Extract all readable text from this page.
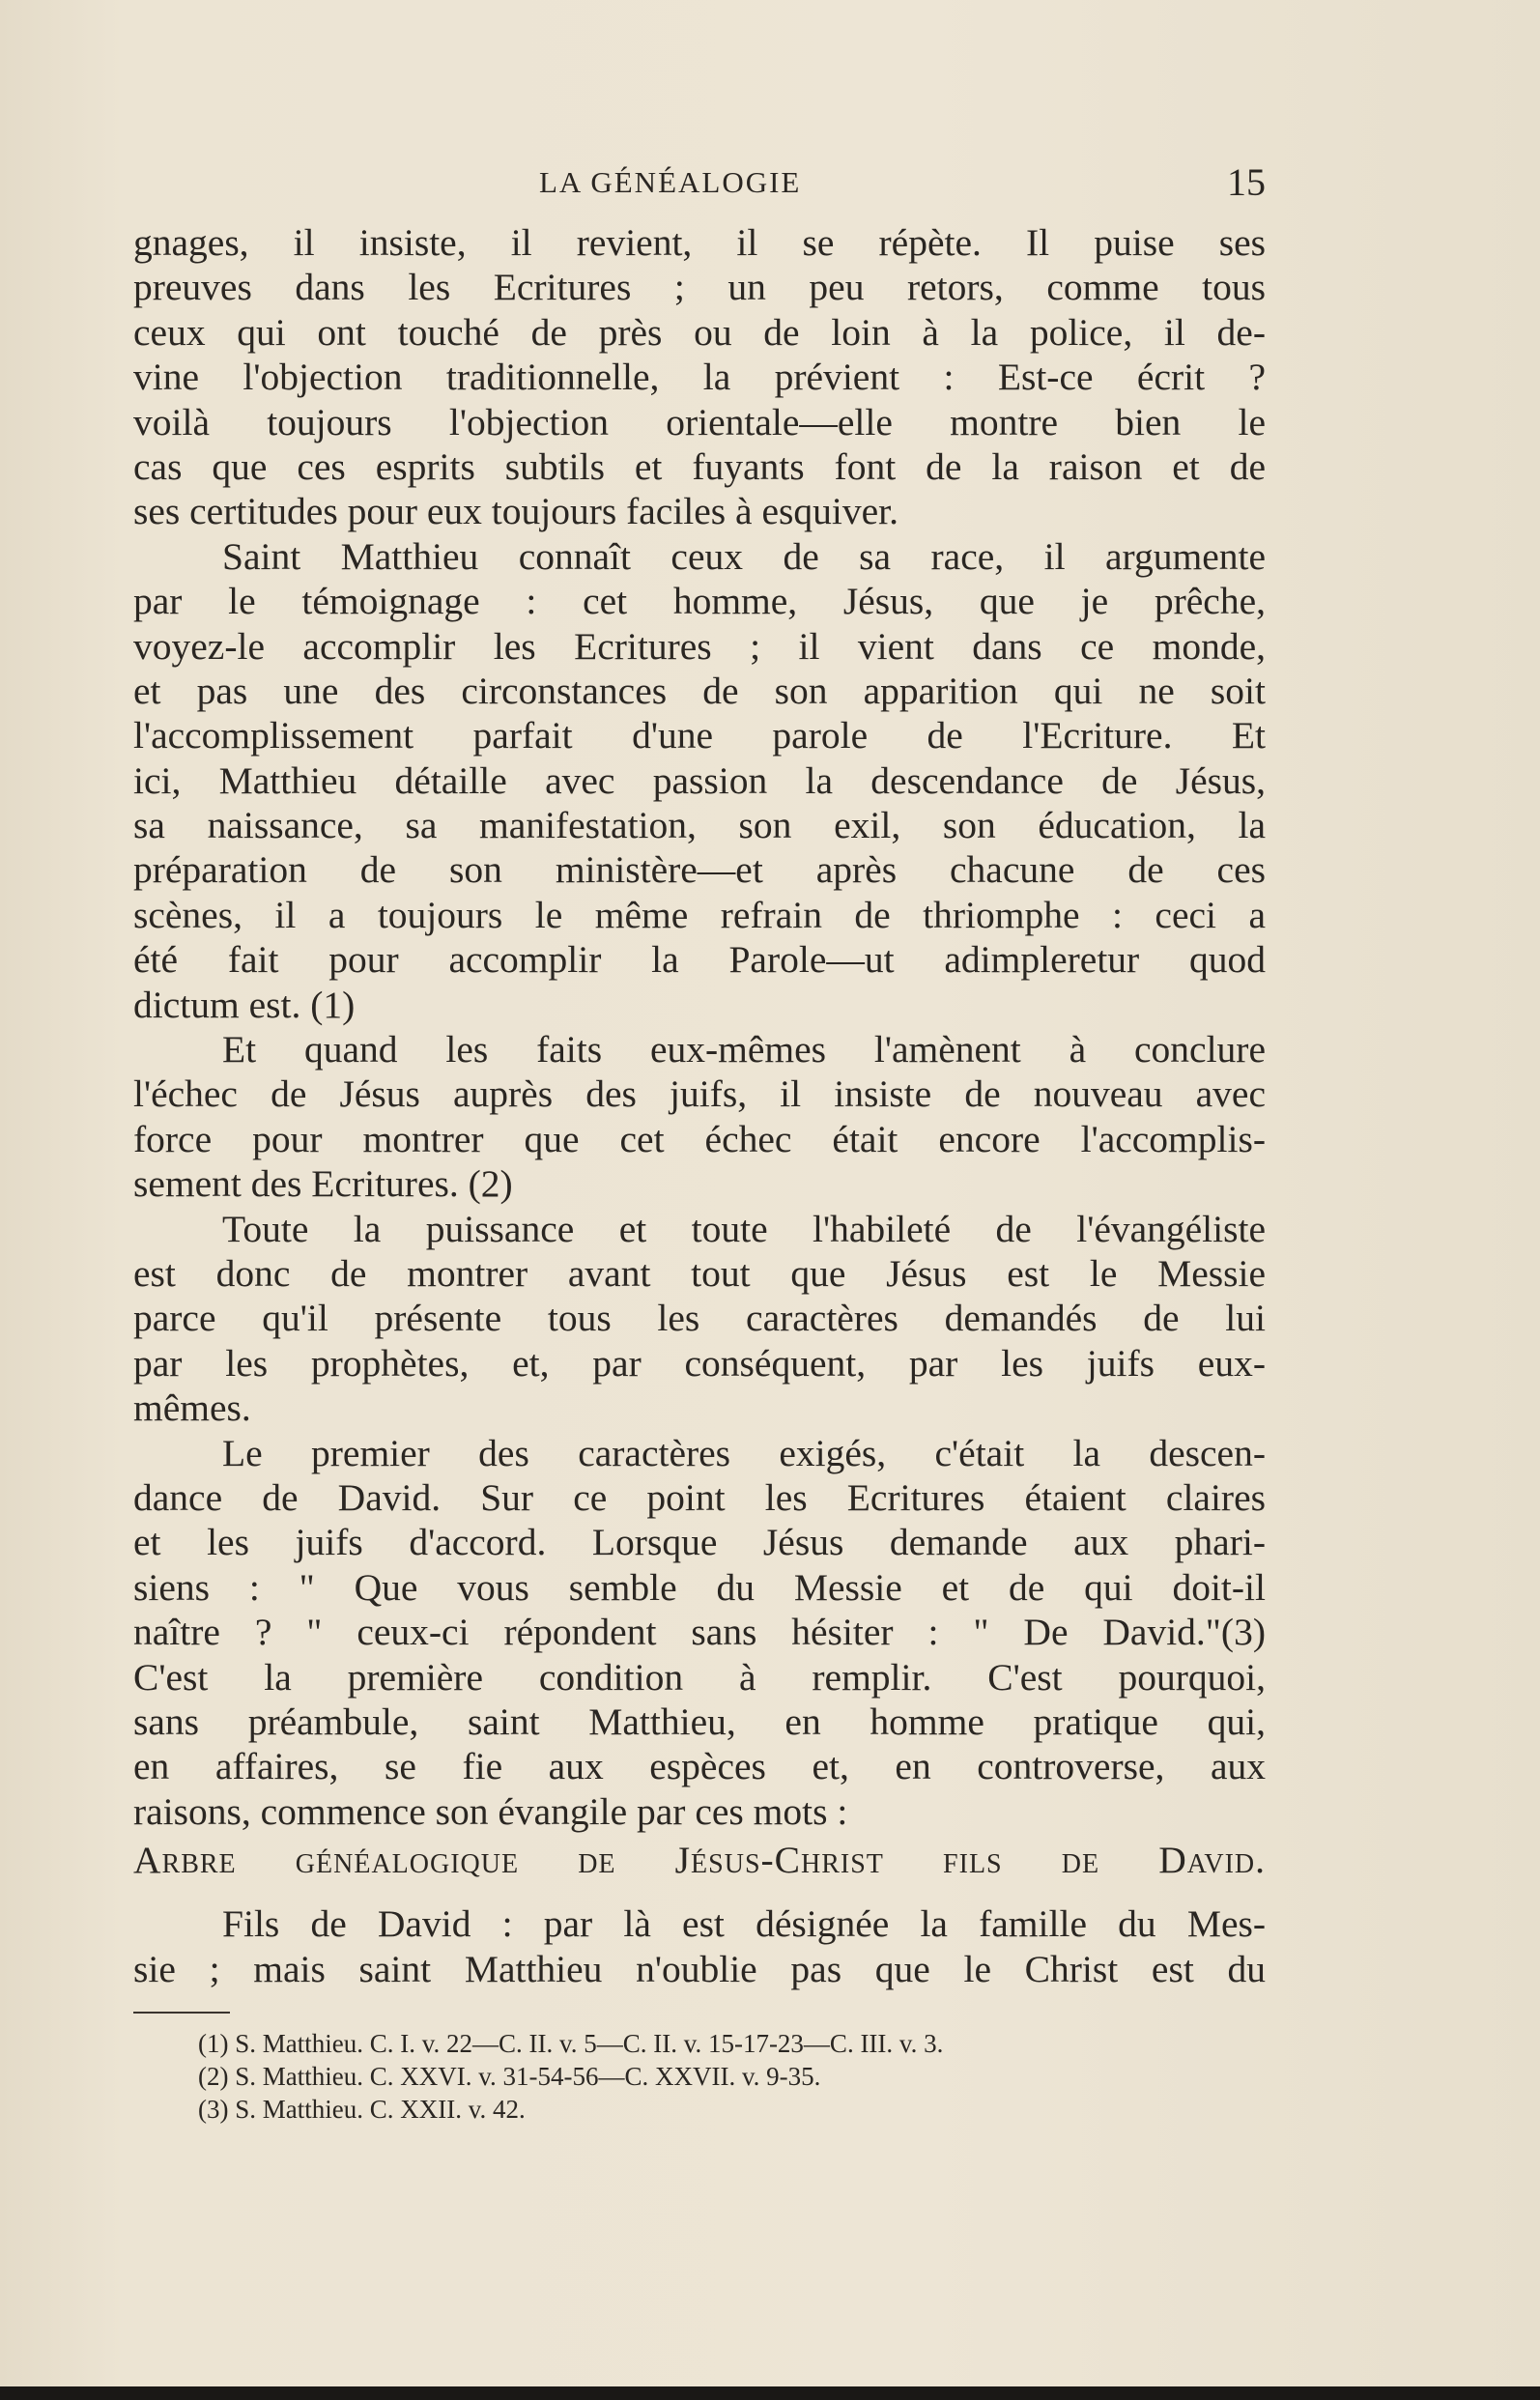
LA GÉNÉALOGIE	15
gnages, il insiste, il revient, il se répète. Il puise ses
preuves dans les Ecritures ; un peu retors, comme tous
ceux qui ont touché de près ou de loin à la police, il de-
vine l'objection traditionnelle, la prévient : Est-ce écrit ?
voilà toujours l'objection orientale—elle montre bien le
cas que ces esprits subtils et fuyants font de la raison et de
ses certitudes pour eux toujours faciles à esquiver.
Saint Matthieu connaît ceux de sa race, il argumente
par le témoignage : cet homme, Jésus, que je prêche,
voyez-le accomplir les Ecritures ; il vient dans ce monde,
et pas une des circonstances de son apparition qui ne soit
l'accomplissement parfait d'une parole de l'Ecriture. Et
ici, Matthieu détaille avec passion la descendance de Jésus,
sa naissance, sa manifestation, son exil, son éducation, la
préparation de son ministère—et après chacune de ces
scènes, il a toujours le même refrain de thriomphe : ceci a
été fait pour accomplir la Parole—ut adimpleretur quod
dictum est. (1)
Et quand les faits eux-mêmes l'amènent à conclure
l'échec de Jésus auprès des juifs, il insiste de nouveau avec
force pour montrer que cet échec était encore l'accomplis-
sement des Ecritures. (2)
Toute la puissance et toute l'habileté de l'évangéliste
est donc de montrer avant tout que Jésus est le Messie
parce qu'il présente tous les caractères demandés de lui
par les prophètes, et, par conséquent, par les juifs eux-
mêmes.
Le premier des caractères exigés, c'était la descen-
dance de David. Sur ce point les Ecritures étaient claires
et les juifs d'accord. Lorsque Jésus demande aux phari-
siens : " Que vous semble du Messie et de qui doit-il
naître ? " ceux-ci répondent sans hésiter : " De David."(3)
C'est la première condition à remplir. C'est pourquoi,
sans préambule, saint Matthieu, en homme pratique qui,
en affaires, se fie aux espèces et, en controverse, aux
raisons, commence son évangile par ces mots :
Arbre généalogique de Jésus-Christ fils de David.
Fils de David : par là est désignée la famille du Mes-
sie ; mais saint Matthieu n'oublie pas que le Christ est du
(1) S. Matthieu. C. I. v. 22—C. II. v. 5—C. II. v. 15-17-23—C. III. v. 3.
(2) S. Matthieu. C. XXVI. v. 31-54-56—C. XXVII. v. 9-35.
(3) S. Matthieu. C. XXII. v. 42.
